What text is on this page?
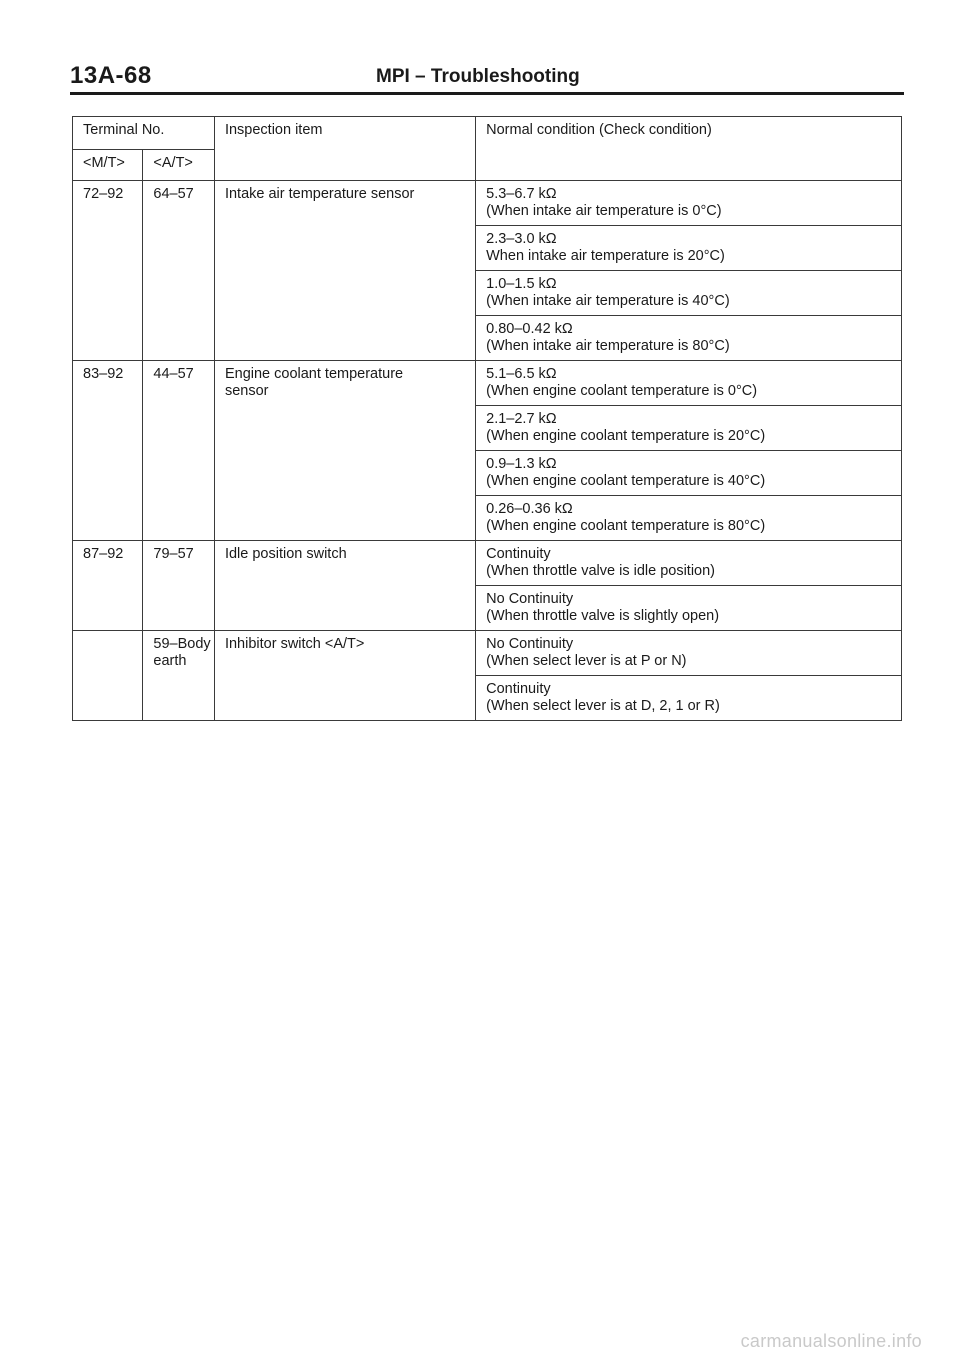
13A-68	MPI – Troubleshooting
Terminal No.		Inspection item	Normal condition (Check condition)
<M/T>	<A/T>		
72–92	64–57	Intake air temperature sensor	5.3–6.7 kΩ
(When intake air temperature is 0°C)

			2.3–3.0 kΩ
When intake air temperature is 20°C)

			1.0–1.5 kΩ
(When intake air temperature is 40°C)

			0.80–0.42 kΩ
(When intake air temperature is 80°C)

83–92	44–57	Engine coolant temperature
sensor	5.1–6.5 kΩ
(When engine coolant temperature is 0°C)

			2.1–2.7 kΩ
(When engine coolant temperature is 20°C)

			0.9–1.3 kΩ
(When engine coolant temperature is 40°C)

			0.26–0.36 kΩ
(When engine coolant temperature is 80°C)

87–92	79–57	Idle position switch	Continuity
(When throttle valve is idle position)

			No Continuity
(When throttle valve is slightly open)

	59–Body
earth	Inhibitor switch <A/T>	No Continuity
(When select lever is at P or N)

			Continuity
(When select lever is at D, 2, 1 or R)
carmanualsonline.info
